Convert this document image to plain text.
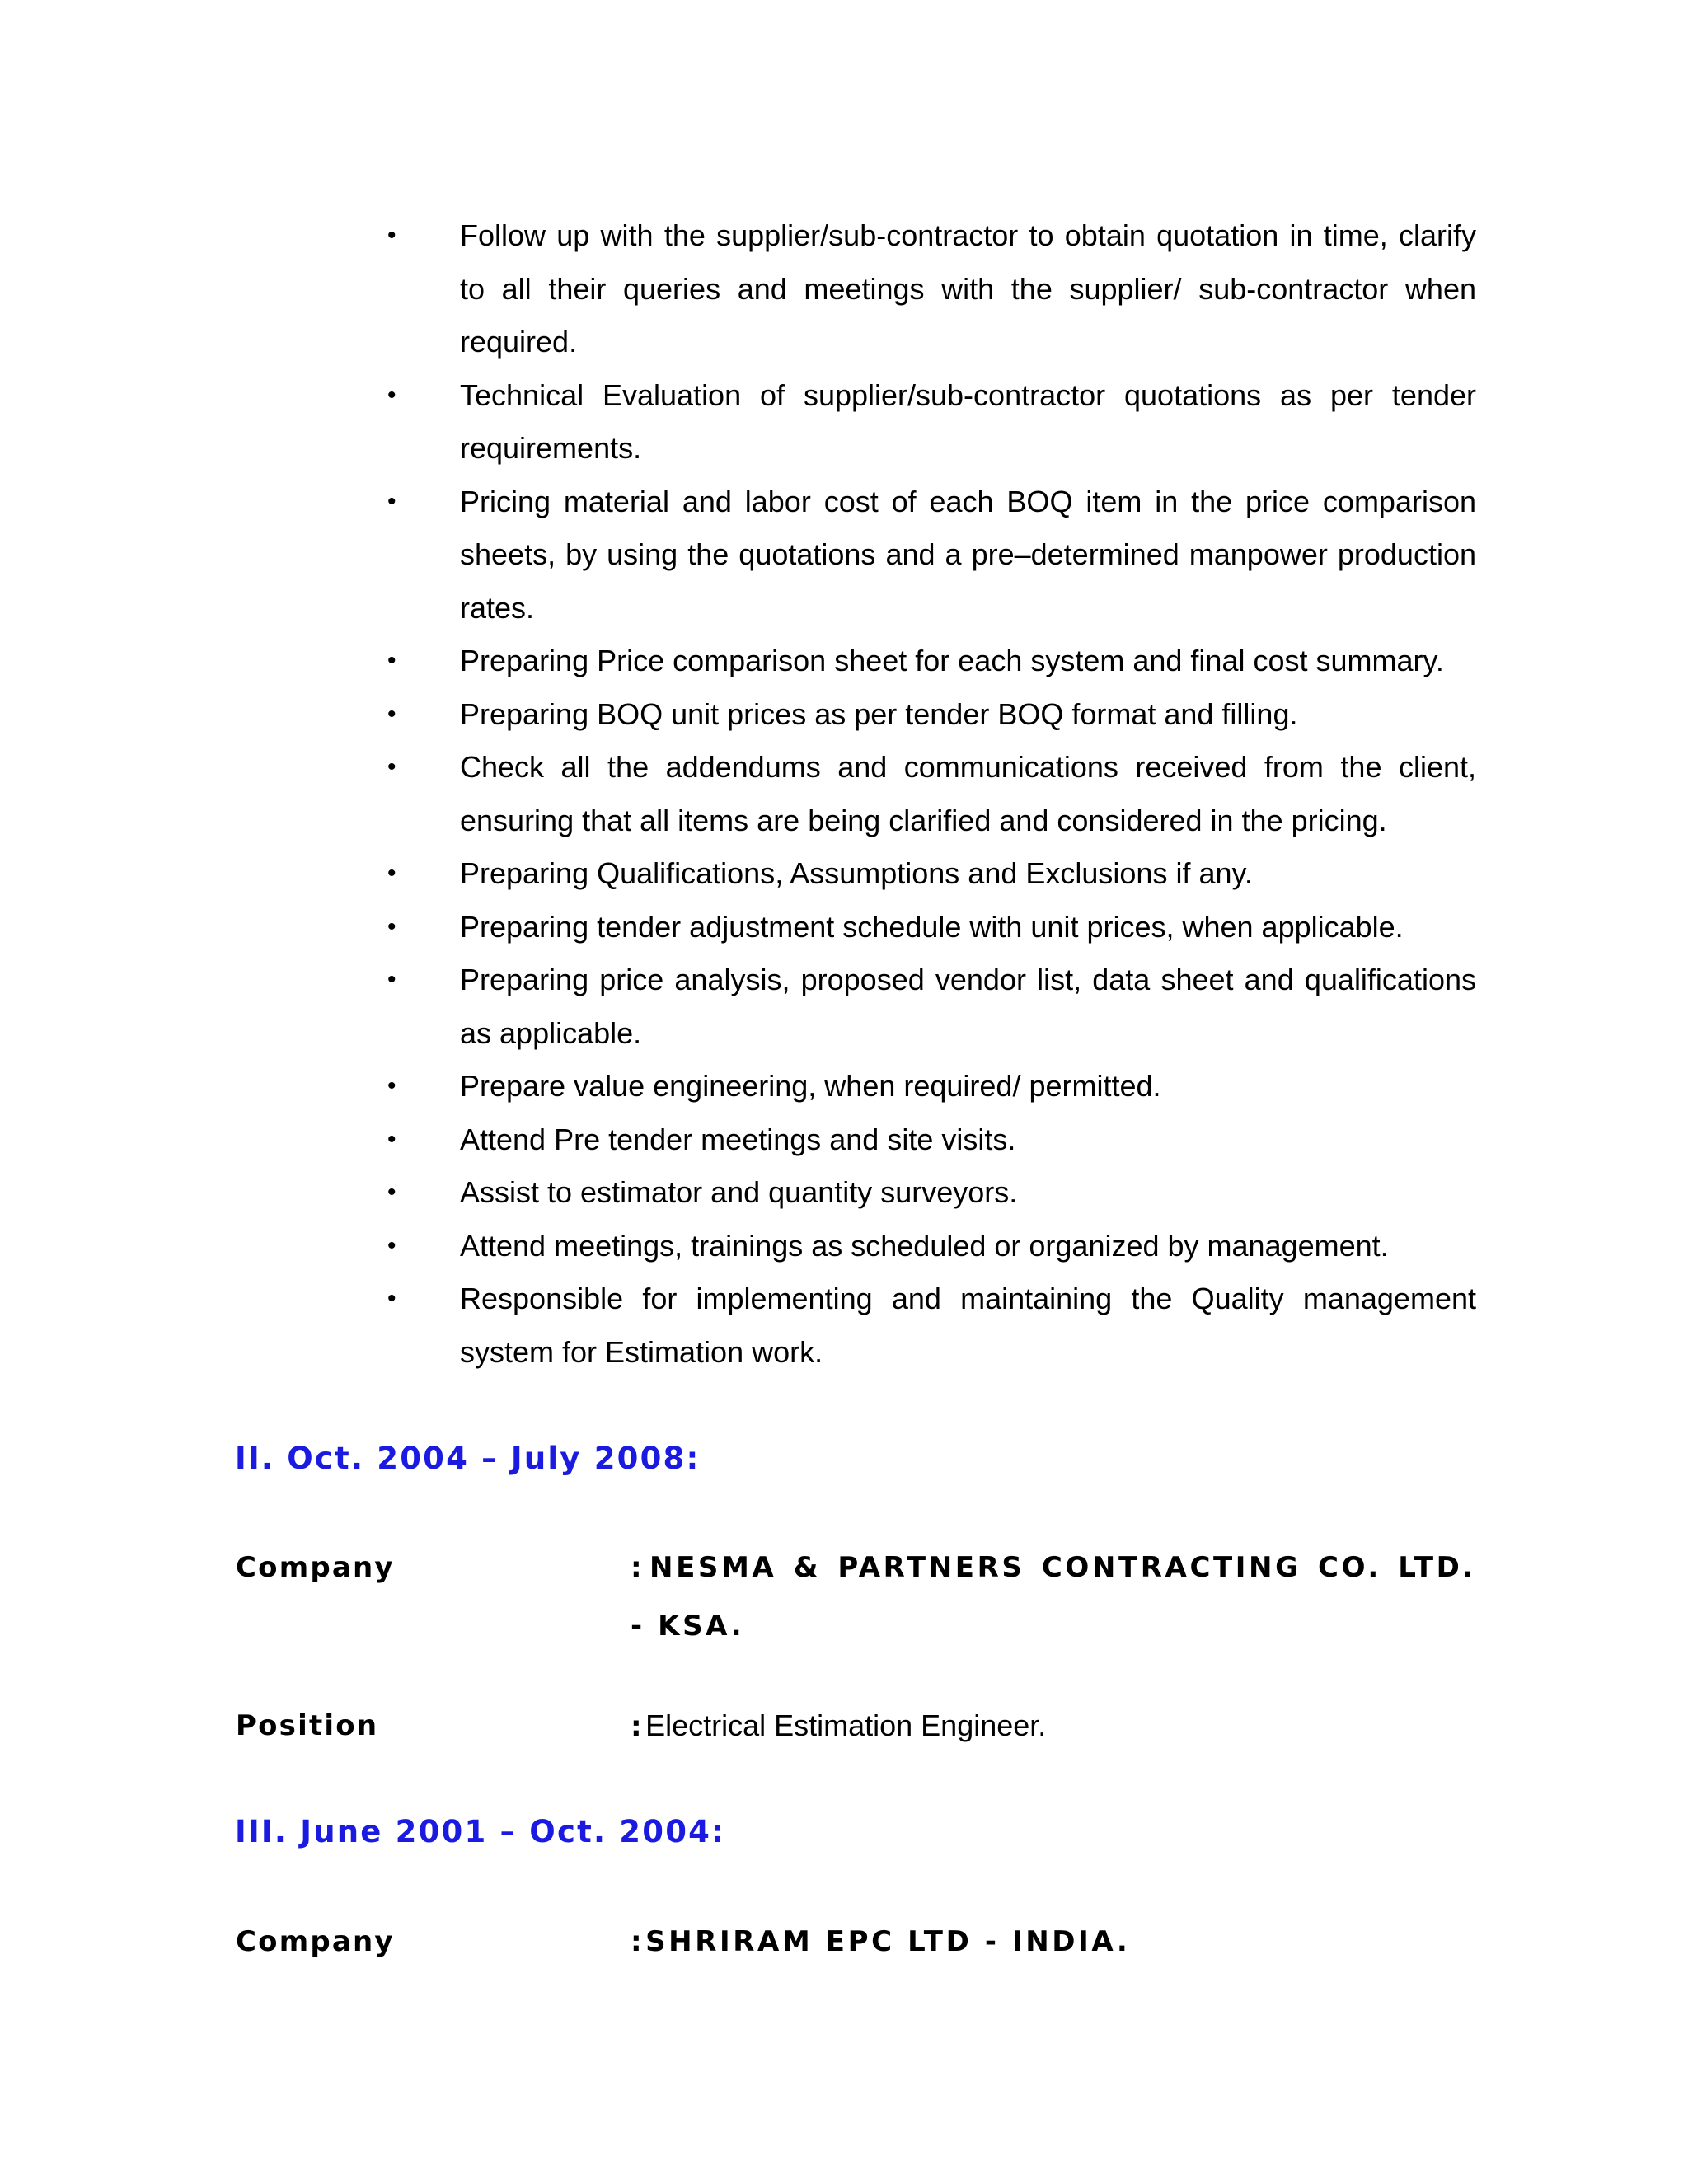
• Follow up with the supplier/sub-contractor to obtain quotation in time, clarify to all their queries and meetings with the supplier/ sub-contractor when required.
• Technical Evaluation of supplier/sub-contractor quotations as per tender requirements.
• Pricing material and labor cost of each BOQ item in the price comparison sheets, by using the quotations and a pre–determined manpower production rates.
• Preparing Price comparison sheet for each system and final cost summary.
• Preparing BOQ unit prices as per tender BOQ format and filling.
• Check all the addendums and communications received from the client, ensuring that all items are being clarified and considered in the pricing.
• Preparing Qualifications, Assumptions and Exclusions if any.
• Preparing tender adjustment schedule with unit prices, when applicable.
• Preparing price analysis, proposed vendor list, data sheet and qualifications as applicable.
• Prepare value engineering, when required/ permitted.
• Attend Pre tender meetings and site visits.
• Assist to estimator and quantity surveyors.
• Attend meetings, trainings as scheduled or organized by management.
• Responsible for implementing and maintaining the Quality management system for Estimation work.
II. Oct. 2004 – July 2008:
Company	: NESMA & PARTNERS CONTRACTING CO. LTD. - KSA.
Position	: Electrical Estimation Engineer.
III. June 2001 – Oct. 2004:
Company	: SHRIRAM EPC LTD - INDIA.
